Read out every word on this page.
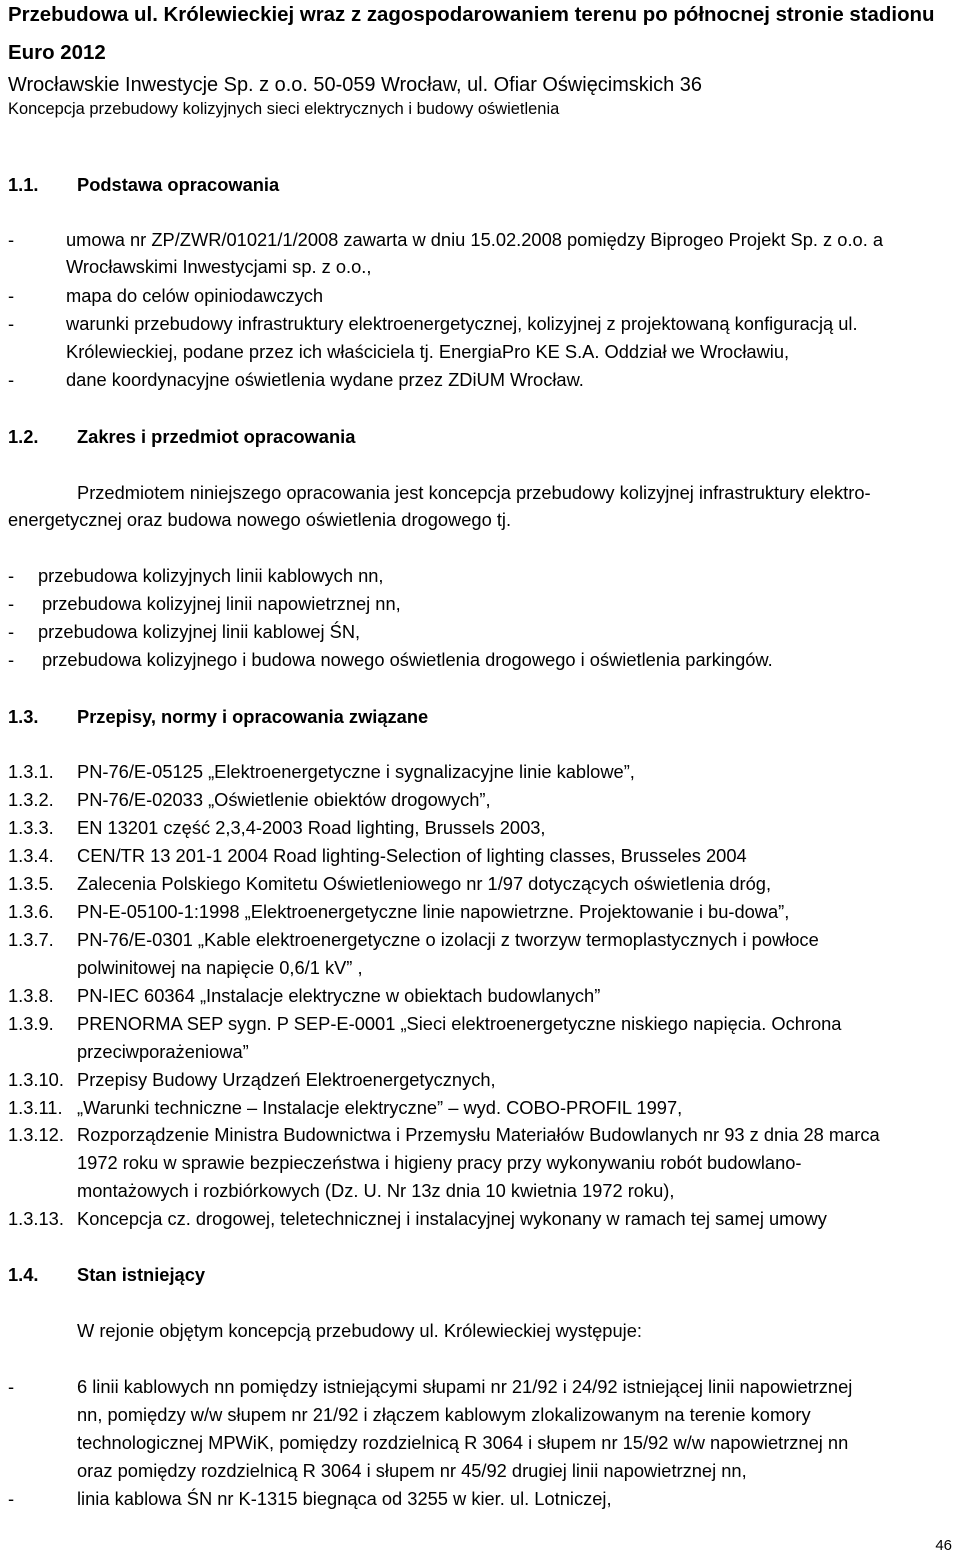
Przebudowa ul. Królewieckiej wraz z zagospodarowaniem terenu po północnej stronie stadionu
Euro 2012
Wrocławskie Inwestycje Sp. z o.o. 50-059 Wrocław, ul. Ofiar Oświęcimskich 36
Koncepcja przebudowy kolizyjnych sieci elektrycznych i budowy oświetlenia
1.1. Podstawa opracowania
-	umowa nr ZP/ZWR/01021/1/2008 zawarta w dniu 15.02.2008 pomiędzy Biprogeo Projekt Sp. z o.o. a
Wrocławskimi Inwestycjami sp. z o.o.,
-	mapa do celów opiniodawczych
-	warunki przebudowy infrastruktury elektroenergetycznej, kolizyjnej z projektowaną konfiguracją ul.
Królewieckiej, podane przez ich właściciela tj. EnergiaPro KE S.A. Oddział we Wrocławiu,
-	dane koordynacyjne oświetlenia wydane przez ZDiUM Wrocław.
1.2. Zakres i przedmiot opracowania
Przedmiotem niniejszego opracowania jest koncepcja przebudowy kolizyjnej infrastruktury elektro-
energetycznej oraz budowa nowego oświetlenia drogowego tj.
- przebudowa kolizyjnych linii kablowych nn,
- przebudowa kolizyjnej linii napowietrznej nn,
- przebudowa kolizyjnej linii kablowej ŚN,
- przebudowa kolizyjnego i budowa nowego oświetlenia drogowego i oświetlenia parkingów.
1.3. Przepisy, normy i opracowania związane
1.3.1. PN-76/E-05125 „Elektroenergetyczne i sygnalizacyjne linie kablowe”,
1.3.2. PN-76/E-02033 „Oświetlenie obiektów drogowych”,
1.3.3. EN 13201 część 2,3,4-2003 Road lighting, Brussels 2003,
1.3.4. CEN/TR 13 201-1 2004 Road lighting-Selection of lighting classes, Brusseles 2004
1.3.5. Zalecenia Polskiego Komitetu Oświetleniowego nr 1/97 dotyczących oświetlenia dróg,
1.3.6. PN-E-05100-1:1998 „Elektroenergetyczne linie napowietrzne. Projektowanie i bu-dowa”,
1.3.7. PN-76/E-0301 „Kable elektroenergetyczne o izolacji z tworzyw termoplastycznych i powłoce
polwinitowej na napięcie 0,6/1 kV” ,
1.3.8. PN-IEC 60364 „Instalacje elektryczne w obiektach budowlanych”
1.3.9. PRENORMA SEP sygn. P SEP-E-0001 „Sieci elektroenergetyczne niskiego napięcia. Ochrona
przeciwporażeniowa”
1.3.10. Przepisy Budowy Urządzeń Elektroenergetycznych,
1.3.11. „Warunki techniczne – Instalacje elektryczne” – wyd. COBO-PROFIL 1997,
1.3.12. Rozporządzenie Ministra Budownictwa i Przemysłu Materiałów Budowlanych nr 93 z dnia 28 marca
1972 roku w sprawie bezpieczeństwa i higieny pracy przy wykonywaniu robót budowlano-
montażowych i rozbiórkowych (Dz. U. Nr 13z dnia 10 kwietnia 1972 roku),
1.3.13. Koncepcja cz. drogowej, teletechnicznej i instalacyjnej wykonany w ramach tej samej umowy
1.4. Stan istniejący
W rejonie objętym koncepcją przebudowy ul. Królewieckiej występuje:
-	6 linii kablowych nn pomiędzy istniejącymi słupami nr 21/92 i 24/92 istniejącej linii napowietrznej
nn, pomiędzy w/w słupem nr 21/92 i złączem kablowym zlokalizowanym na terenie komory
technologicznej MPWiK, pomiędzy rozdzielnicą R 3064 i słupem nr 15/92 w/w napowietrznej nn
oraz pomiędzy rozdzielnicą R 3064 i słupem nr 45/92 drugiej linii napowietrznej nn,
-	linia kablowa ŚN nr K-1315 biegnąca od 3255 w kier. ul. Lotniczej,
46
